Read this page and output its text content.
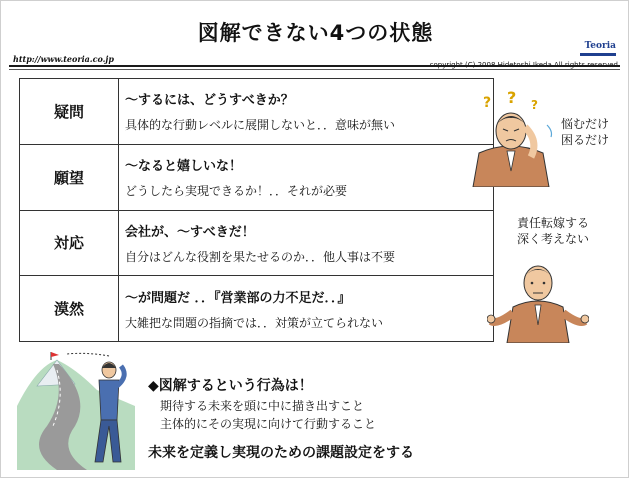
図解できない4つの状態
Teoria
http://www.teoria.co.jp
疑問	～するには、どうすべきか？
具体的な行動レベルに展開しないと．．意味が無い

願望	～なると嬉しいな！
どうしたら実現できるか！．．それが必要

対応	会社が、～すべきだ！
自分はどんな役割を果たせるのか．．他人事は不要

漠然	～が問題だ ．．『営業部の力不足だ．．』
大雑把な問題の指摘では．．対策が立てられない
? ? ?
悩むだけ
困るだけ
責任転嫁する
深く考えない
◆図解するという行為は！
期待する未来を頭に中に描き出すこと
主体的にその実現に向けて行動すること
未来を定義し実現のための課題設定をする
